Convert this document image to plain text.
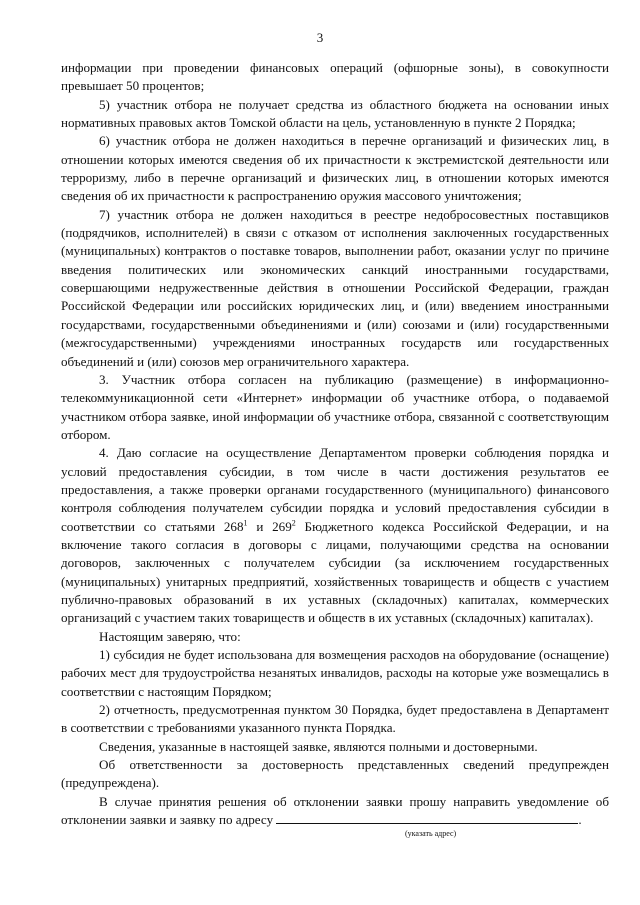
3

информации при проведении финансовых операций (офшорные зоны), в совокупности превышает 50 процентов;

5) участник отбора не получает средства из областного бюджета на основании иных нормативных правовых актов Томской области на цель, установленную в пункте 2 Порядка;

6) участник отбора не должен находиться в перечне организаций и физических лиц, в отношении которых имеются сведения об их причастности к экстремистской деятельности или терроризму, либо в перечне организаций и физических лиц, в отношении которых имеются сведения об их причастности к распространению оружия массового уничтожения;

7) участник отбора не должен находиться в реестре недобросовестных поставщиков (подрядчиков, исполнителей) в связи с отказом от исполнения заключенных государственных (муниципальных) контрактов о поставке товаров, выполнении работ, оказании услуг по причине введения политических или экономических санкций иностранными государствами, совершающими недружественные действия в отношении Российской Федерации, граждан Российской Федерации или российских юридических лиц, и (или) введением иностранными государствами, государственными объединениями и (или) союзами и (или) государственными (межгосударственными) учреждениями иностранных государств или государственных объединений и (или) союзов мер ограничительного характера.

3. Участник отбора согласен на публикацию (размещение) в информационно-телекоммуникационной сети «Интернет» информации об участнике отбора, о подаваемой участником отбора заявке, иной информации об участнике отбора, связанной с соответствующим отбором.

4. Даю согласие на осуществление Департаментом проверки соблюдения порядка и условий предоставления субсидии, в том числе в части достижения результатов ее предоставления, а также проверки органами государственного (муниципального) финансового контроля соблюдения получателем субсидии порядка и условий предоставления субсидии в соответствии со статьями $268^1$ и $269^2$ Бюджетного кодекса Российской Федерации, и на включение такого согласия в договоры с лицами, получающими средства на основании договоров, заключенных с получателем субсидии (за исключением государственных (муниципальных) унитарных предприятий, хозяйственных товариществ и обществ с участием публично-правовых образований в их уставных (складочных) капиталах, коммерческих организаций с участием таких товариществ и обществ в их уставных (складочных) капиталах).

Настоящим заверяю, что:

1) субсидия не будет использована для возмещения расходов на оборудование (оснащение) рабочих мест для трудоустройства незанятых инвалидов, расходы на которые уже возмещались в соответствии с настоящим Порядком;

2) отчетность, предусмотренная пунктом 30 Порядка, будет предоставлена в Департамент в соответствии с требованиями указанного пункта Порядка.

Сведения, указанные в настоящей заявке, являются полными и достоверными.

Об ответственности за достоверность представленных сведений предупрежден (предупреждена).

В случае принятия решения об отклонении заявки прошу направить уведомление об отклонении заявки и заявку по адресу	.

(указать адрес)
